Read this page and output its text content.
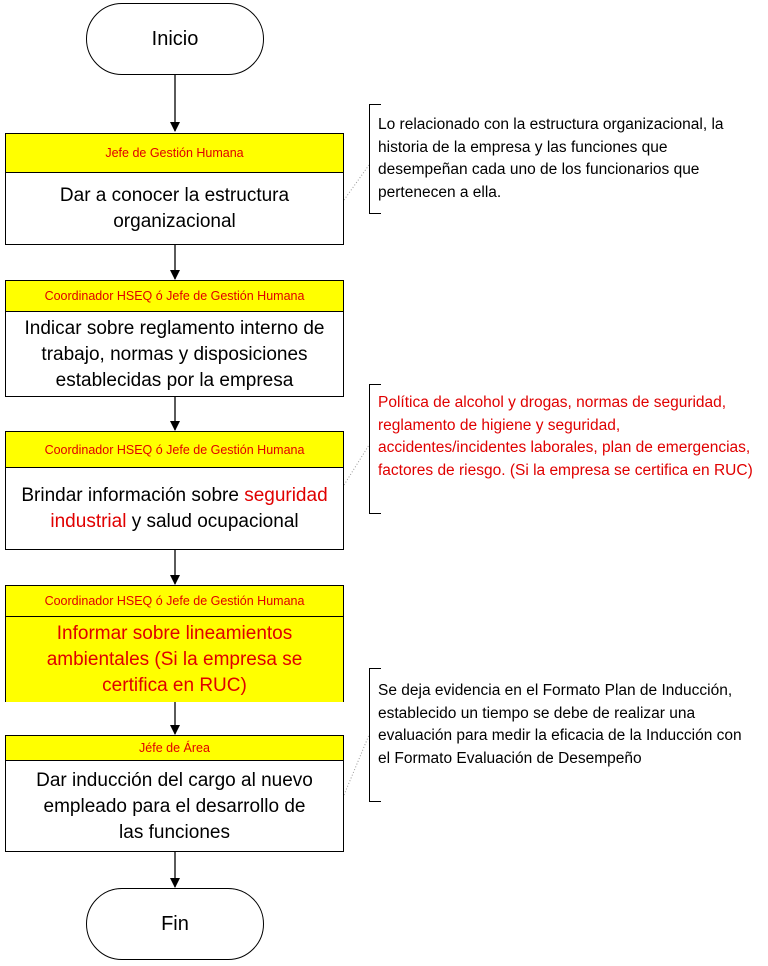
Inicio
Jefe de Gestión Humana
Dar a conocer la estructura organizacional
Coordinador HSEQ ó Jefe de Gestión Humana
Indicar sobre reglamento interno de trabajo, normas y disposiciones establecidas por la empresa
Coordinador HSEQ ó Jefe de Gestión Humana
Brindar información sobre seguridad industrial y salud ocupacional
Coordinador HSEQ ó Jefe de Gestión Humana
Informar sobre lineamientos ambientales (Si la empresa se certifica en RUC)
Jéfe de Área
Dar inducción del cargo al nuevo empleado para el desarrollo de las funciones
Fin
Lo relacionado con la estructura organizacional, la historia de la empresa y las funciones que desempeñan cada uno de los funcionarios que pertenecen a ella.
Política de alcohol y drogas, normas de seguridad, reglamento de higiene y seguridad, accidentes/incidentes laborales, plan de emergencias, factores de riesgo. (Si la empresa se certifica en RUC)
Se deja evidencia en el Formato Plan de Inducción, establecido un tiempo se debe de realizar una evaluación para medir la eficacia de la Inducción con el Formato Evaluación de Desempeño
